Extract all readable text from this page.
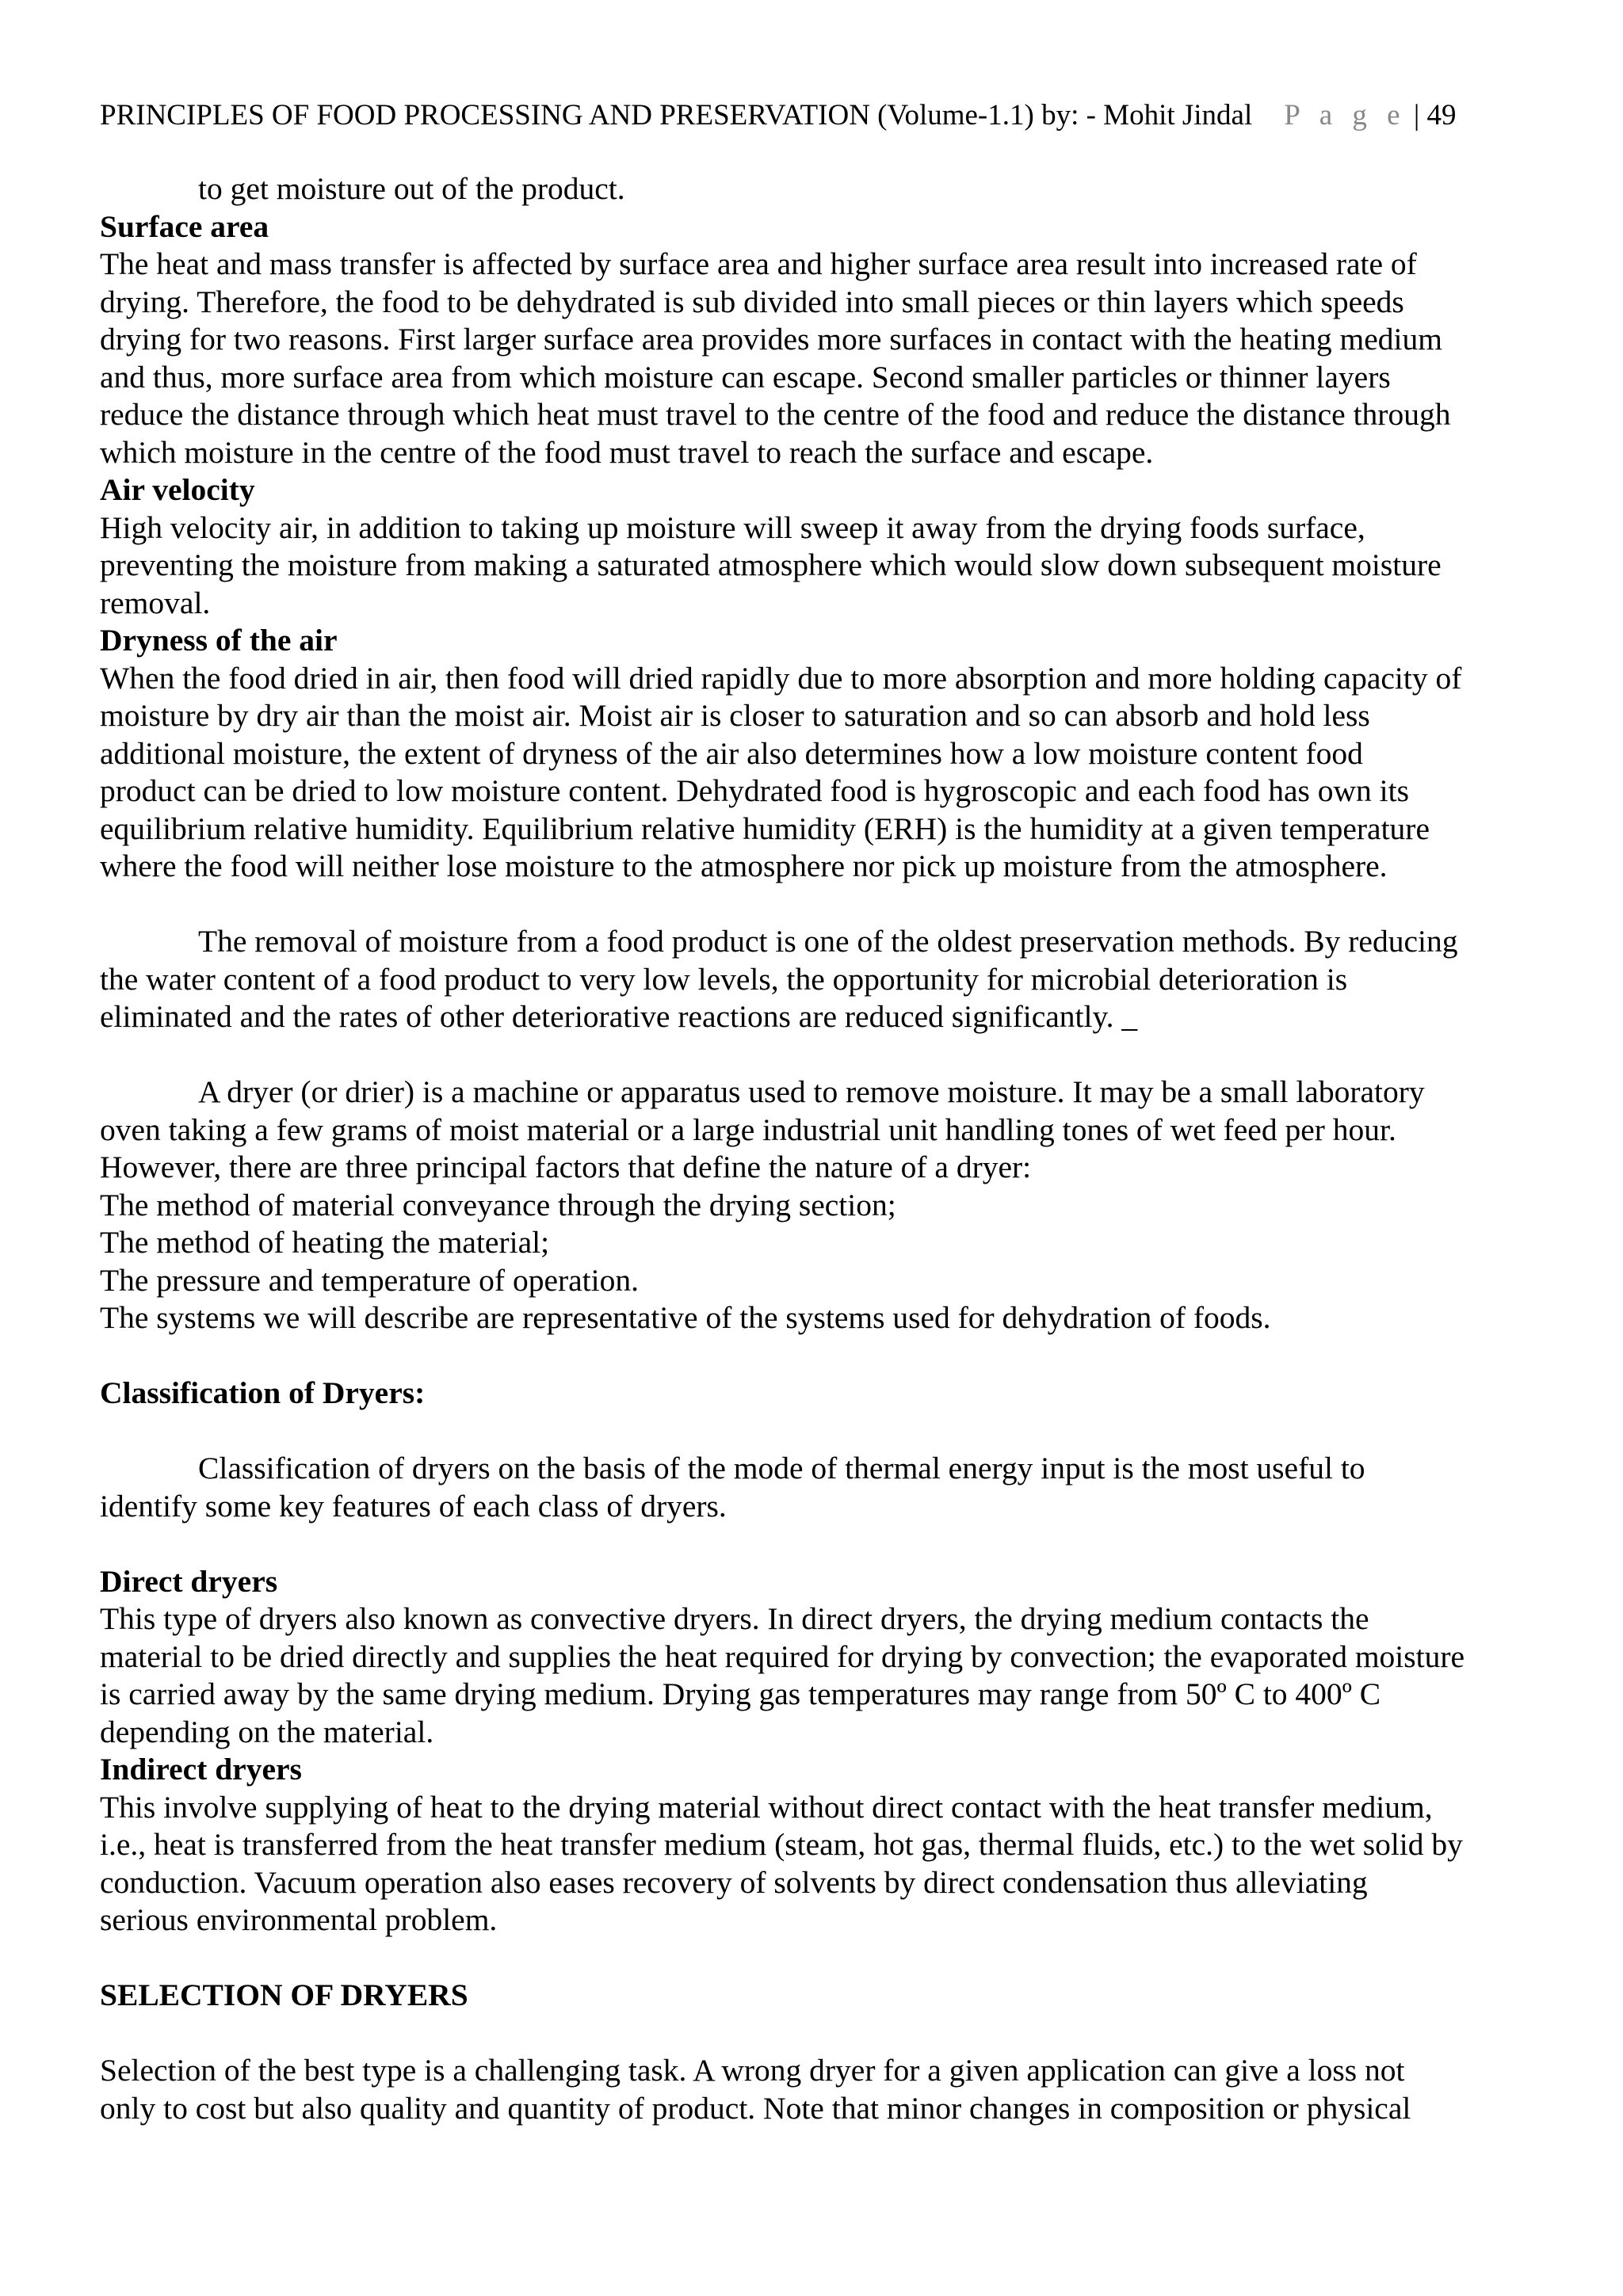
PRINCIPLES OF FOOD PROCESSING AND PRESERVATION (Volume-1.1) by: - Mohit Jindal P a g e | 49
to get moisture out of the product.
Surface area
The heat and mass transfer is affected by surface area and higher surface area result into increased rate of
drying. Therefore, the food to be dehydrated is sub divided into small pieces or thin layers which speeds
drying for two reasons. First larger surface area provides more surfaces in contact with the heating medium
and thus, more surface area from which moisture can escape. Second smaller particles or thinner layers
reduce the distance through which heat must travel to the centre of the food and reduce the distance through
which moisture in the centre of the food must travel to reach the surface and escape.
Air velocity
High velocity air, in addition to taking up moisture will sweep it away from the drying foods surface,
preventing the moisture from making a saturated atmosphere which would slow down subsequent moisture
removal.
Dryness of the air
When the food dried in air, then food will dried rapidly due to more absorption and more holding capacity of
moisture by dry air than the moist air. Moist air is closer to saturation and so can absorb and hold less
additional moisture, the extent of dryness of the air also determines how a low moisture content food
product can be dried to low moisture content. Dehydrated food is hygroscopic and each food has own its
equilibrium relative humidity. Equilibrium relative humidity (ERH) is the humidity at a given temperature
where the food will neither lose moisture to the atmosphere nor pick up moisture from the atmosphere.
The removal of moisture from a food product is one of the oldest preservation methods. By reducing
the water content of a food product to very low levels, the opportunity for microbial deterioration is
eliminated and the rates of other deteriorative reactions are reduced significantly. _
A dryer (or drier) is a machine or apparatus used to remove moisture. It may be a small laboratory
oven taking a few grams of moist material or a large industrial unit handling tones of wet feed per hour.
However, there are three principal factors that define the nature of a dryer:
The method of material conveyance through the drying section;
The method of heating the material;
The pressure and temperature of operation.
The systems we will describe are representative of the systems used for dehydration of foods.
Classification of Dryers:
Classification of dryers on the basis of the mode of thermal energy input is the most useful to
identify some key features of each class of dryers.
Direct dryers
This type of dryers also known as convective dryers. In direct dryers, the drying medium contacts the
material to be dried directly and supplies the heat required for drying by convection; the evaporated moisture
is carried away by the same drying medium. Drying gas temperatures may range from 50º C to 400º C
depending on the material.
Indirect dryers
This involve supplying of heat to the drying material without direct contact with the heat transfer medium,
i.e., heat is transferred from the heat transfer medium (steam, hot gas, thermal fluids, etc.) to the wet solid by
conduction. Vacuum operation also eases recovery of solvents by direct condensation thus alleviating
serious environmental problem.
SELECTION OF DRYERS
Selection of the best type is a challenging task. A wrong dryer for a given application can give a loss not
only to cost but also quality and quantity of product. Note that minor changes in composition or physical
